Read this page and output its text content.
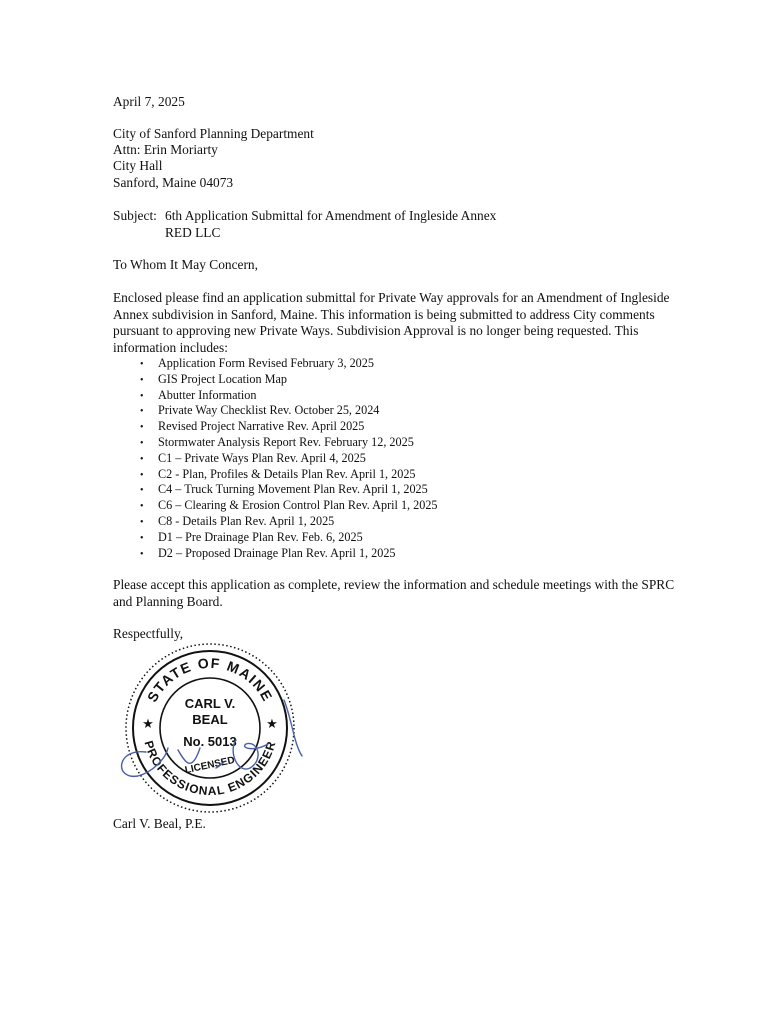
April 7, 2025

City of Sanford Planning Department

Attn: Erin Moriarty

City Hall

Sanford, Maine 04073

Subject: 6th Application Submittal for Amendment of Ingleside Annex

RED LLC

To Whom It May Concern,

Enclosed please find an application submittal for Private Way approvals for an Amendment of Ingleside Annex subdivision in Sanford, Maine. This information is being submitted to address City comments pursuant to approving new Private Ways. Subdivision Approval is no longer being requested. This information includes:

• Application Form Revised February 3, 2025
• GIS Project Location Map
• Abutter Information
• Private Way Checklist Rev. October 25, 2024
• Revised Project Narrative Rev. April 2025
• Stormwater Analysis Report Rev. February 12, 2025
• C1 – Private Ways Plan Rev. April 4, 2025
• C2 - Plan, Profiles & Details Plan Rev. April 1, 2025
• C4 – Truck Turning Movement Plan Rev. April 1, 2025
• C6 – Clearing & Erosion Control Plan Rev. April 1, 2025
• C8 - Details Plan Rev. April 1, 2025
• D1 – Pre Drainage Plan Rev. Feb. 6, 2025
• D2 – Proposed Drainage Plan Rev. April 1, 2025

Please accept this application as complete, review the information and schedule meetings with the SPRC and Planning Board.

Respectfully,

STATE OF MAINE
PROFESSIONAL ENGINEER
★	★
CARL V.
BEAL
No. 5013
LICENSED

Carl V. Beal, P.E.
